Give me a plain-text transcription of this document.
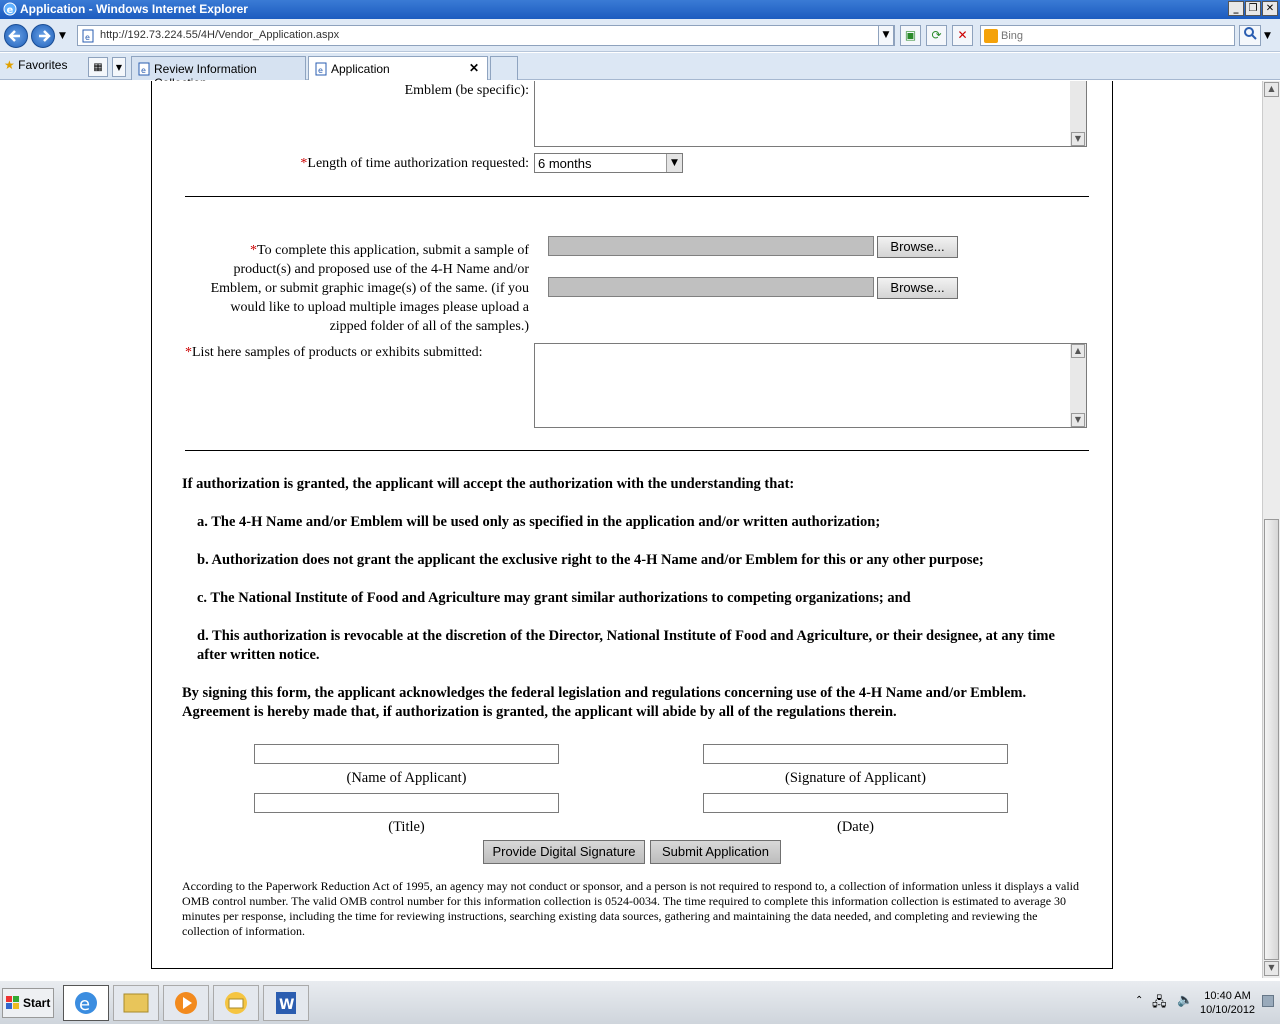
e Application - Windows Internet Explorer	_	❐ ✕
▼ e http://192.73.224.55/4H/Vendor_Application.aspx	▼	▣	⟳	✕
Bing	▼
★ Favorites	▦	▼	e Review Information	e Application	✕
Emblem (be specific):
▼
*Length of time authorization requested: 6 months	▼
*To complete this application, submit a sample of product(s) and proposed use of the 4-H Name and/or Emblem, or submit graphic image(s) of the same. (if you would like to upload multiple images please upload a zipped folder of all of the samples.)
Browse...
Browse...
*List here samples of products or exhibits submitted:	▲
▼
If authorization is granted, the applicant will accept the authorization with the understanding that:
a. The 4-H Name and/or Emblem will be used only as specified in the application and/or written authorization;
b. Authorization does not grant the applicant the exclusive right to the 4-H Name and/or Emblem for this or any other purpose;
c. The National Institute of Food and Agriculture may grant similar authorizations to competing organizations; and
d. This authorization is revocable at the discretion of the Director, National Institute of Food and Agriculture, or their designee, at any time after written notice.
By signing this form, the applicant acknowledges the federal legislation and regulations concerning use of the 4-H Name and/or Emblem. Agreement is hereby made that, if authorization is granted, the applicant will abide by all of the regulations therein.
(Name of Applicant)	(Signature of Applicant)
(Title)	(Date)
Provide Digital Signature	Submit Application
According to the Paperwork Reduction Act of 1995, an agency may not conduct or sponsor, and a person is not required to respond to, a collection of information unless it displays a valid OMB control number. The valid OMB control number for this information collection is 0524-0034. The time required to complete this information collection is estimated to average 30 minutes per response, including the time for reviewing instructions, searching existing data sources, gathering and maintaining the data needed, and completing and reviewing the collection of information.
▲
▼
Start e	W	⌃ 🖧 🔈	10:40 AM
10/10/2012
